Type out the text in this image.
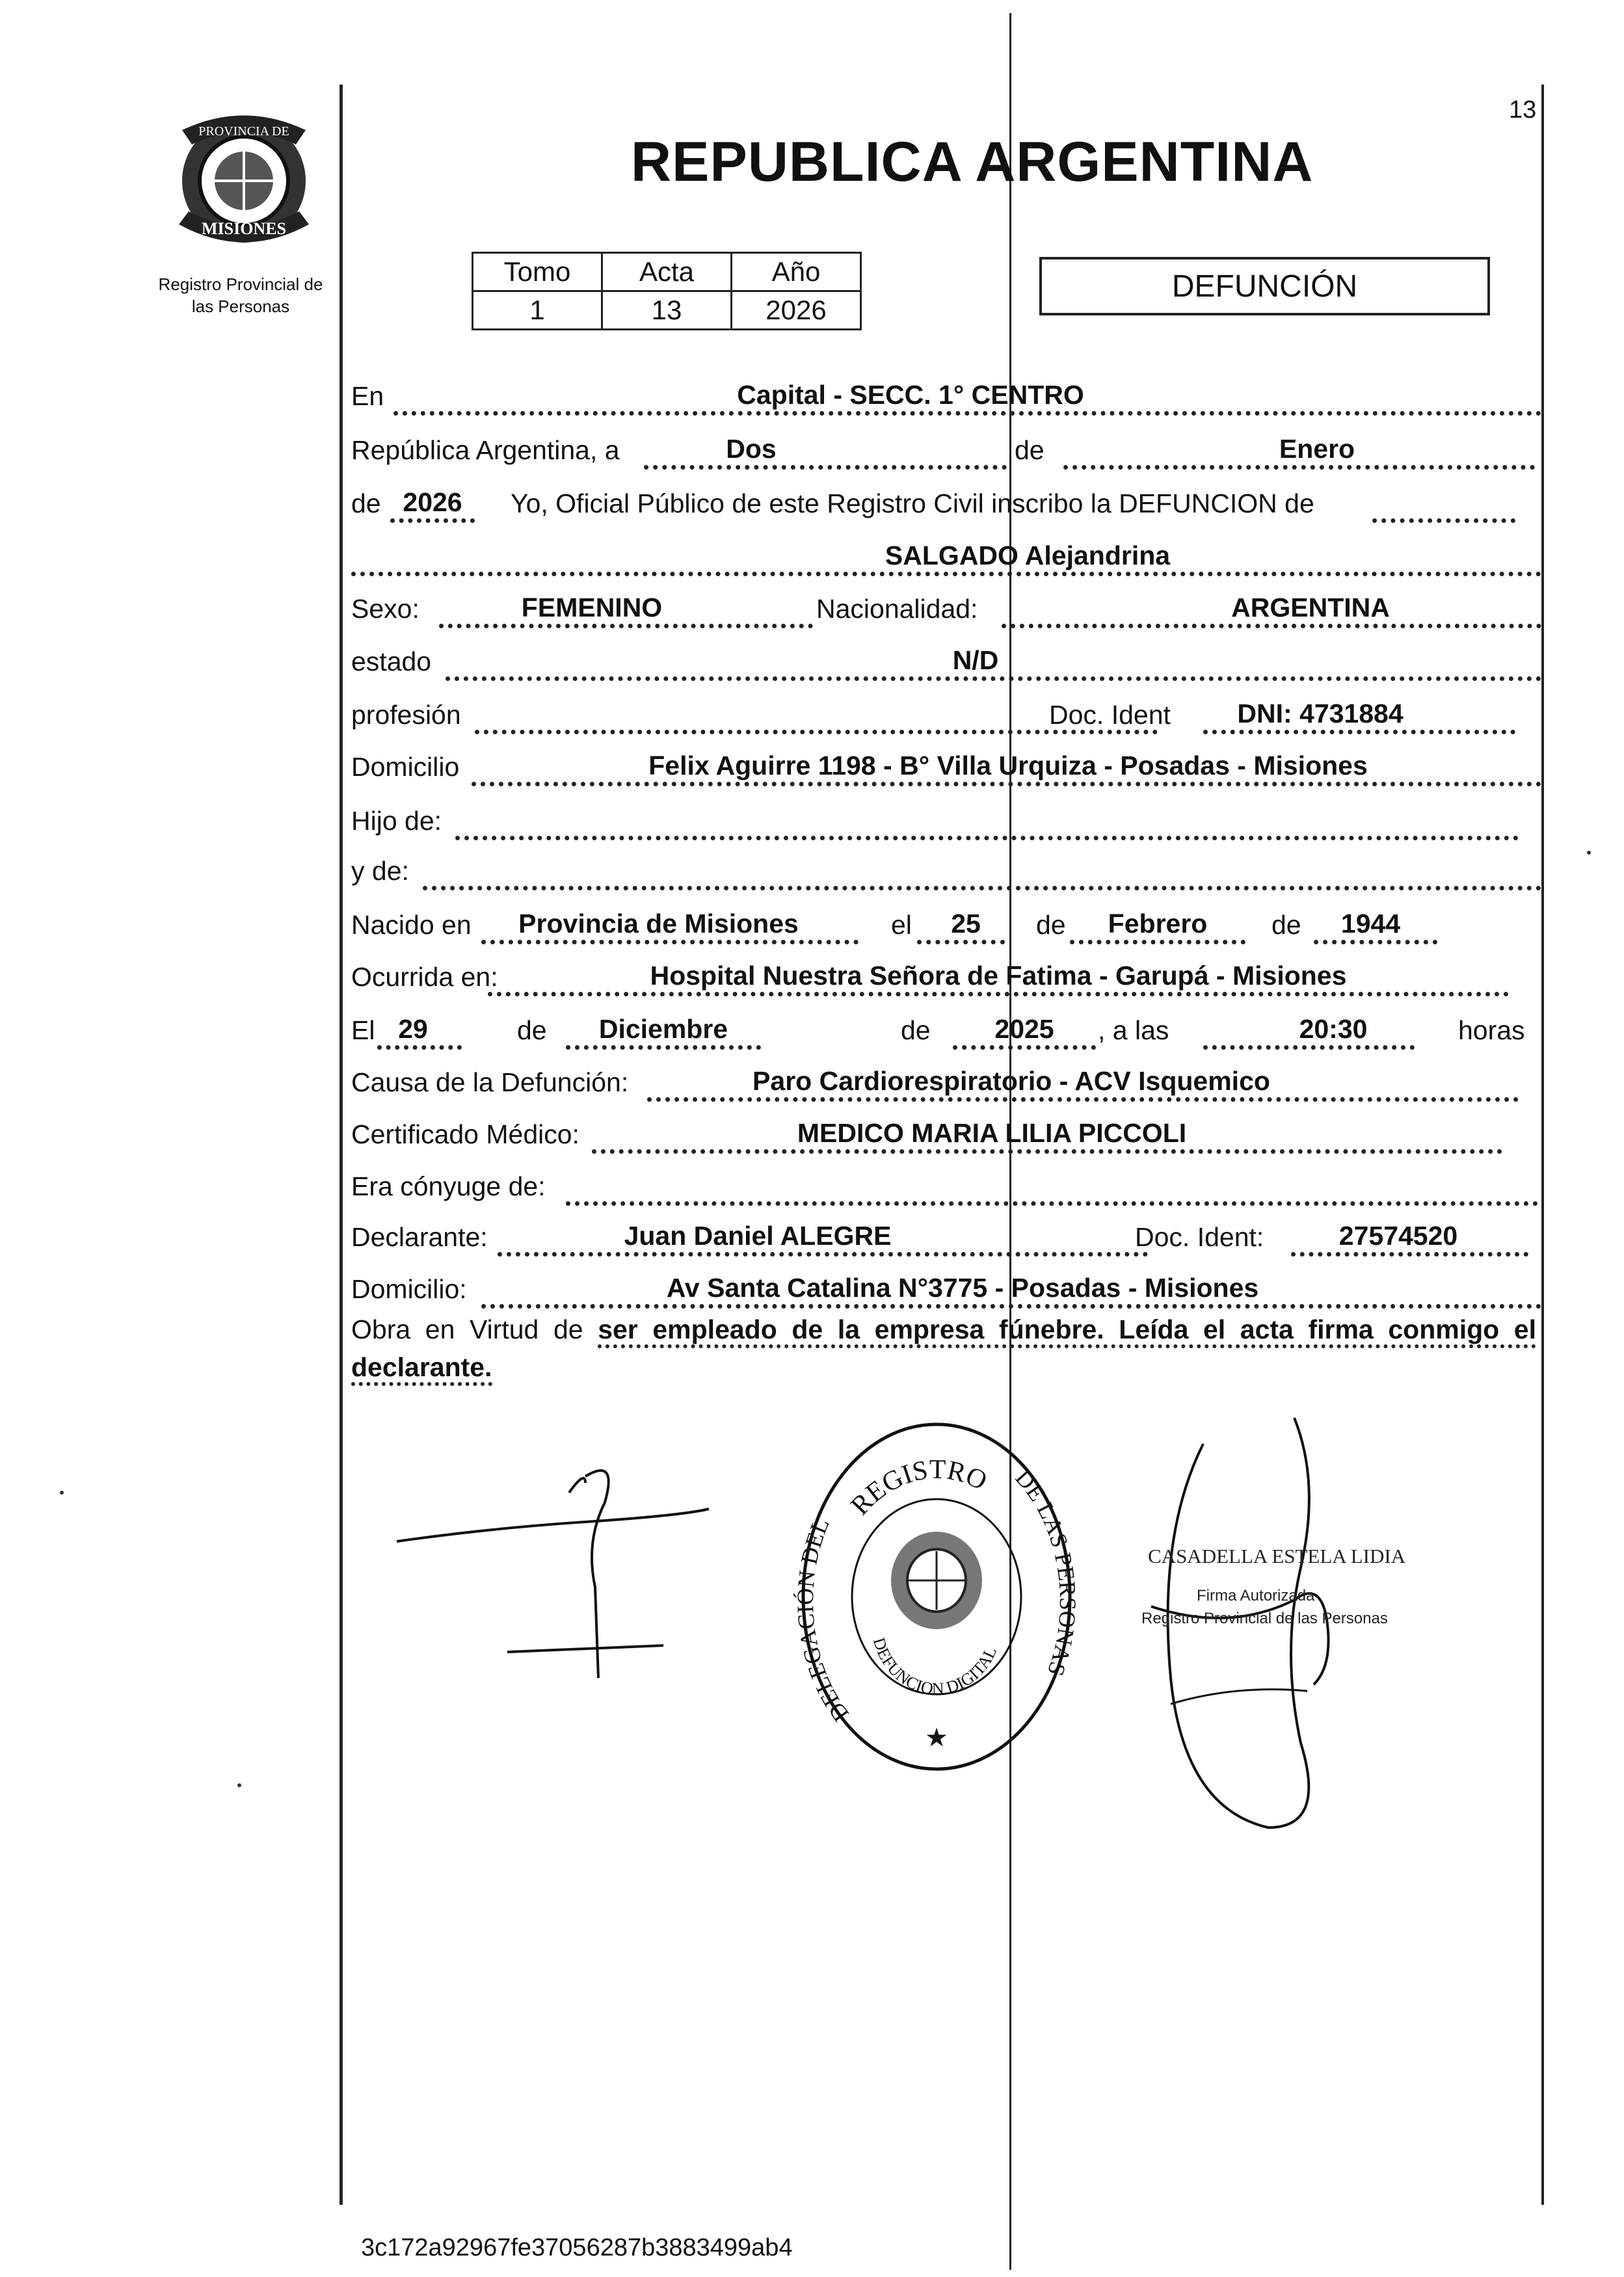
13
PROVINCIA DE
MISIONES
Registro Provincial de
las Personas
REPUBLICA ARGENTINA
Tomo	Acta	Año
1	13	2026
DEFUNCIÓN
En	Capital - SECC. 1° CENTRO
República Argentina, a	Dos	de	Enero
de 2026	Yo, Oficial Público de este Registro Civil inscribo la DEFUNCION de
SALGADO Alejandrina
Sexo:	FEMENINO	Nacionalidad:	ARGENTINA
estado	N/D
profesión	Doc. Ident	DNI: 4731884
Domicilio	Felix Aguirre 1198 - B° Villa Urquiza - Posadas - Misiones
Hijo de:
y de:
Nacido en	Provincia de Misiones	el	25	de	Febrero	de	1944
Ocurrida en:	Hospital Nuestra Señora de Fatima - Garupá - Misiones
El 29	de	Diciembre	de	2025	, a las	20:30	horas
Causa de la Defunción:	Paro Cardiorespiratorio - ACV Isquemico
Certificado Médico:	MEDICO MARIA LILIA PICCOLI
Era cónyuge de:
Declarante:	Juan Daniel ALEGRE	Doc. Ident:	27574520
Domicilio:	Av Santa Catalina N°3775 - Posadas - Misiones
Obra en Virtud de ser empleado de la empresa fúnebre. Leída el acta firma conmigo el declarante.
REGISTRO
DELEGACIÓN DEL
DE LAS PERSONAS
DEFUNCION DIGITAL
★
CASADELLA ESTELA LIDIA
Firma Autorizada
Registro Provincial de las Personas
3c172a92967fe37056287b3883499ab4
